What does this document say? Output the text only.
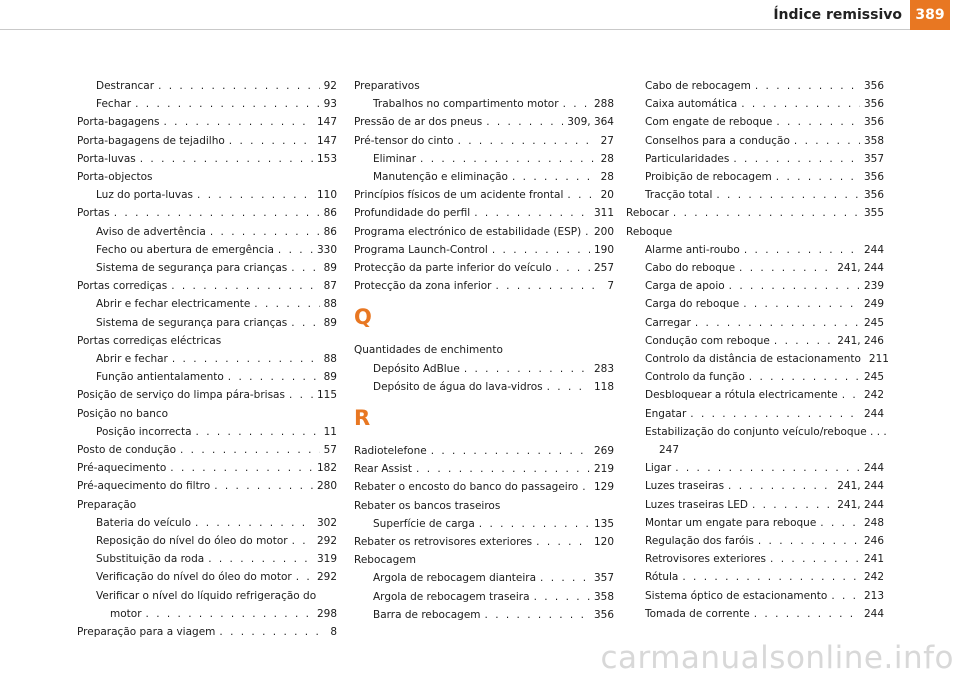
Índice remissivo 389
Destrancar . . .	92
Fechar . . .	93
Porta-bagagens . . .	147
Porta-bagagens de tejadilho . . .	147
Porta-luvas . . .	153
Porta-objectos
Luz do porta-luvas . . .	110
Portas . . .	86
Aviso de advertência . . .	86
Fecho ou abertura de emergência . . .	330
Sistema de segurança para crianças . . .	89
Portas corrediças . . .	87
Abrir e fechar electricamente . . .	88
Sistema de segurança para crianças . . .	89
Portas corrediças eléctricas
Abrir e fechar . . .	88
Função antientalamento . . .	89
Posição de serviço do limpa pára-brisas . . .	115
Posição no banco
Posição incorrecta . . .	11
Posto de condução . . .	57
Pré-aquecimento . . .	182
Pré-aquecimento do filtro . . .	280
Preparação
Bateria do veículo . . .	302
Reposição do nível do óleo do motor . . .	292
Substituição da roda . . .	319
Verificação do nível do óleo do motor . . . 292
Verificar o nível do líquido refrigeração do
motor . . .	298
Preparação para a viagem . . .	8
Preparativos
Trabalhos no compartimento motor . . .	288
Pressão de ar dos pneus . . .	309, 364
Pré-tensor do cinto . . .	27
Eliminar . . .	28
Manutenção e eliminação . . .	28
Princípios físicos de um acidente frontal . . .	20
Profundidade do perfil . . .	311
Programa electrónico de estabilidade (ESP) . . . 200
Programa Launch-Control . . .	190
Protecção da parte inferior do veículo . . .	257
Protecção da zona inferior . . .	7
Q
Quantidades de enchimento
Depósito AdBlue . . .	283
Depósito de água do lava-vidros . . .	118
R
Radiotelefone . . .	269
Rear Assist . . .	219
Rebater o encosto do banco do passageiro . . . 129
Rebater os bancos traseiros
Superfície de carga . . .	135
Rebater os retrovisores exteriores . . .	120
Rebocagem
Argola de rebocagem dianteira . . .	357
Argola de rebocagem traseira . . .	358
Barra de rebocagem . . .	356
Cabo de rebocagem . . .	356
Caixa automática . . .	356
Com engate de reboque . . .	356
Conselhos para a condução . . .	358
Particularidades . . .	357
Proibição de rebocagem . . .	356
Tracção total . . .	356
Rebocar . . .	355
Reboque
Alarme anti-roubo . . .	244
Cabo do reboque . . .	241, 244
Carga de apoio . . .	239
Carga do reboque . . .	249
Carregar . . .	245
Condução com reboque . . .	241, 246
Controlo da distância de estacionamento 211
Controlo da função . . .	245
Desbloquear a rótula electricamente . . . 242
Engatar . . .	244
Estabilização do conjunto veículo/reboque . . .
247
Ligar . . .	244
Luzes traseiras . . .	241, 244
Luzes traseiras LED . . .	241, 244
Montar um engate para reboque . . .	248
Regulação dos faróis . . .	246
Retrovisores exteriores . . .	241
Rótula . . .	242
Sistema óptico de estacionamento . . .	213
Tomada de corrente . . .	244
carmanualsonline.info
